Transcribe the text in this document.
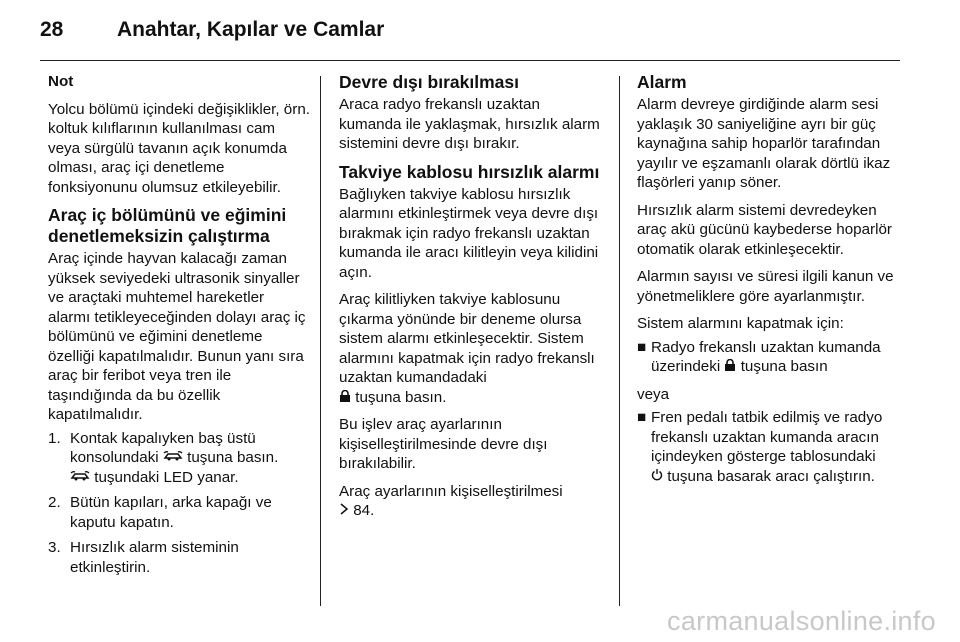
28	Anahtar, Kapılar ve Camlar

Not

Yolcu bölümü içindeki değişiklikler, örn. koltuk kılıflarının kullanılması cam veya sürgülü tavanın açık konumda olması, araç içi denetleme fonksiyonunu olumsuz etkileyebilir.

Araç iç bölümünü ve eğimini denetlemeksizin çalıştırma

Araç içinde hayvan kalacağı zaman yüksek seviyedeki ultrasonik sinyaller ve araçtaki muhtemel hareketler alarmı tetikleyeceğinden dolayı araç iç bölümünü ve eğimini denetleme özelliği kapatılmalıdır. Bunun yanı sıra araç bir feribot veya tren ile taşındığında da bu özellik kapatılmalıdır.

1. Kontak kapalıyken baş üstü konsolundaki tuşuna basın.
tuşundaki LED yanar.
2. Bütün kapıları, arka kapağı ve kaputu kapatın.
3. Hırsızlık alarm sisteminin etkinleştirin.
Devre dışı bırakılması

Araca radyo frekanslı uzaktan kumanda ile yaklaşmak, hırsızlık alarm sistemini devre dışı bırakır.

Takviye kablosu hırsızlık alarmı

Bağlıyken takviye kablosu hırsızlık alarmını etkinleştirmek veya devre dışı bırakmak için radyo frekanslı uzaktan kumanda ile aracı kilitleyin veya kilidini açın.

Araç kilitliyken takviye kablosunu çıkarma yönünde bir deneme olursa sistem alarmı etkinleşecektir. Sistem alarmını kapatmak için radyo frekanslı uzaktan kumandadaki
tuşuna basın.

Bu işlev araç ayarlarının kişiselleştirilmesinde devre dışı bırakılabilir.

Araç ayarlarının kişiselleştirilmesi
84.

Alarm

Alarm devreye girdiğinde alarm sesi yaklaşık 30 saniyeliğine ayrı bir güç kaynağına sahip hoparlör tarafından yayılır ve eşzamanlı olarak dörtlü ikaz flaşörleri yanıp söner.

Hırsızlık alarm sistemi devredeyken araç akü gücünü kaybederse hoparlör otomatik olarak etkinleşecektir.

Alarmın sayısı ve süresi ilgili kanun ve yönetmeliklere göre ayarlanmıştır.

Sistem alarmını kapatmak için:

■ Radyo frekanslı uzaktan kumanda üzerindeki tuşuna basın

veya

■ Fren pedalı tatbik edilmiş ve radyo frekanslı uzaktan kumanda aracın içindeyken gösterge tablosundaki
tuşuna basarak aracı çalıştırın.
carmanualsonline.info
